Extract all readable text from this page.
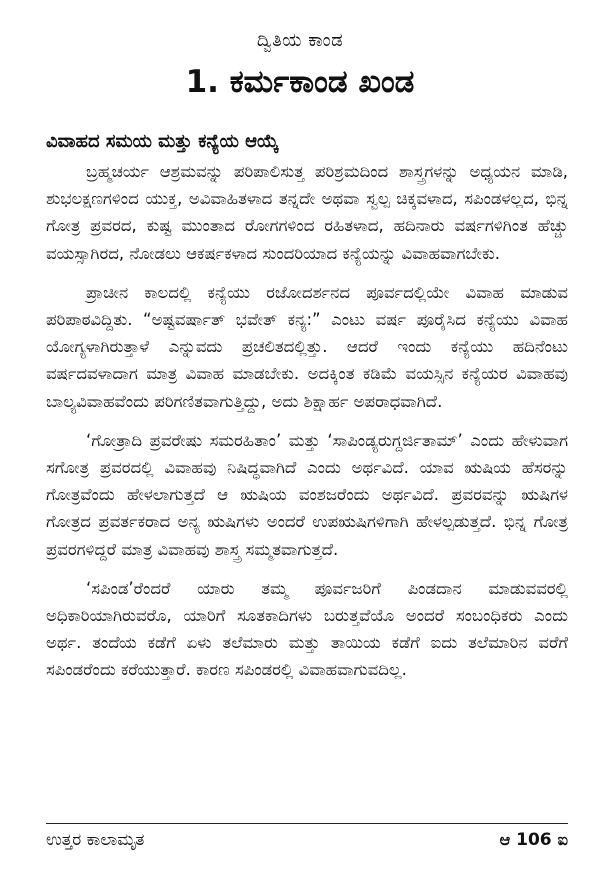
ದ್ವಿತಿಯ ಕಾಂಡ
1. ಕರ್ಮಕಾಂಡ ಖಂಡ
ವಿವಾಹದ ಸಮಯ ಮತ್ತು ಕನ್ಯೆಯ ಆಯ್ಕೆ

ಬ್ರಹ್ಮಚರ್ಯ ಆಶ್ರಮವನ್ನು ಪರಿಪಾಲಿಸುತ್ತ ಪರಿಶ್ರಮದಿಂದ ಶಾಸ್ತ್ರಗಳನ್ನು ಅಧ್ಯಯನ ಮಾಡಿ, ಶುಭಲಕ್ಷಣಗಳಿಂದ ಯುಕ್ತ, ಅವಿವಾಹಿತಳಾದ ತನ್ನದೇ ಅಥವಾ ಸ್ವಲ್ಪ ಚಿಕ್ಕವಳಾದ, ಸಪಿಂಡಳಲ್ಲದ, ಭಿನ್ನ ಗೋತ್ರ ಪ್ರವರದ, ಕುಷ್ಟ ಮುಂತಾದ ರೋಗಗಳಿಂದ ರಹಿತಳಾದ, ಹದಿನಾರು ವರ್ಷಗಳಿಗಿಂತ ಹೆಚ್ಚು ವಯಸ್ಸಾಗಿರದ, ನೋಡಲು ಆಕರ್ಷಕಳಾದ ಸುಂದರಿಯಾದ ಕನ್ಯೆಯನ್ನು ವಿವಾಹವಾಗಬೇಕು.

ಪ್ರಾಚೀನ ಕಾಲದಲ್ಲಿ ಕನ್ಯೆಯು ರಜೋದರ್ಶನದ ಪೂರ್ವದಲ್ಲಿಯೇ ವಿವಾಹ ಮಾಡುವ ಪರಿಪಾಠವಿದ್ದಿತು. “ಅಷ್ಟವರ್ಷಾತ್ ಭವೇತ್ ಕನ್ಯ:” ಎಂಟು ವರ್ಷ ಪೂರೈಸಿದ ಕನ್ಯೆಯು ವಿವಾಹ ಯೋಗ್ಯಳಾಗಿರುತ್ತಾಳೆ ಎನ್ನುವದು ಪ್ರಚಲಿತದಲ್ಲಿತ್ತು. ಆದರೆ ಇಂದು ಕನ್ಯೆಯು ಹದಿನೆಂಟು ವರ್ಷದವಳಾದಾಗ ಮಾತ್ರ ವಿವಾಹ ಮಾಡಬೇಕು. ಅದಕ್ಕಿಂತ ಕಡಿಮೆ ವಯಸ್ಸಿನ ಕನ್ಯೆಯರ ವಿವಾಹವು ಬಾಲ್ಯವಿವಾಹವೆಂದು ಪರಿಗಣಿತವಾಗುತ್ತಿದ್ದು, ಅದು ಶಿಕ್ಷಾರ್ಹ ಅಪರಾಧವಾಗಿದೆ.

‘ಗೋತ್ರಾದಿ ಪ್ರವರೇಷು ಸಮರಹಿತಾಂ’ ಮತ್ತು ‘ಸಾಪಿಂಡ್ಯರುಗ್ದರ್ಜಿತಾಮ್’ ಎಂದು ಹೇಳುವಾಗ ಸಗೋತ್ರ ಪ್ರವರದಲ್ಲಿ ವಿವಾಹವು ನಿಷಿದ್ಧವಾಗಿದೆ ಎಂದು ಅರ್ಥವಿದೆ. ಯಾವ ಋಷಿಯ ಹೆಸರನ್ನು ಗೋತ್ರವೆಂದು ಹೇಳಲಾಗುತ್ತದೆ ಆ ಋಷಿಯ ವಂಶಜರೆಂದು ಅರ್ಥವಿದೆ. ಪ್ರವರವನ್ನು ಋಷಿಗಳ ಗೋತ್ರದ ಪ್ರವರ್ತಕರಾದ ಅನ್ಯ ಋಷಿಗಳು ಅಂದರೆ ಉಪಋಷಿಗಳಿಗಾಗಿ ಹೇಳಲ್ಪಡುತ್ತದೆ. ಭಿನ್ನ ಗೋತ್ರ ಪ್ರವರಗಳಿದ್ದರೆ ಮಾತ್ರ ವಿವಾಹವು ಶಾಸ್ತ್ರ ಸಮ್ಮತವಾಗುತ್ತದೆ.

‘ಸಪಿಂಡ’ರೆಂದರೆ ಯಾರು ತಮ್ಮ ಪೂರ್ವಜರಿಗೆ ಪಿಂಡದಾನ ಮಾಡುವವರಲ್ಲಿ ಅಧಿಕಾರಿಯಾಗಿರುವರೊ, ಯಾರಿಗೆ ಸೂತಕಾದಿಗಳು ಬರುತ್ತವೆಯೊ ಅಂದರೆ ಸಂಬಂಧಿಕರು ಎಂದು ಅರ್ಥ. ತಂದೆಯ ಕಡೆಗೆ ಏಳು ತಲೆಮಾರು ಮತ್ತು ತಾಯಿಯ ಕಡೆಗೆ ಐದು ತಲೆಮಾರಿನ ವರೆಗೆ ಸಪಿಂಡರೆಂದು ಕರೆಯುತ್ತಾರೆ. ಕಾರಣ ಸಪಿಂಡರಲ್ಲಿ ವಿವಾಹವಾಗುವದಿಲ್ಲ.

ಉತ್ತರ ಕಾಲಾಮೃತ	ಆ 106 ಐ
